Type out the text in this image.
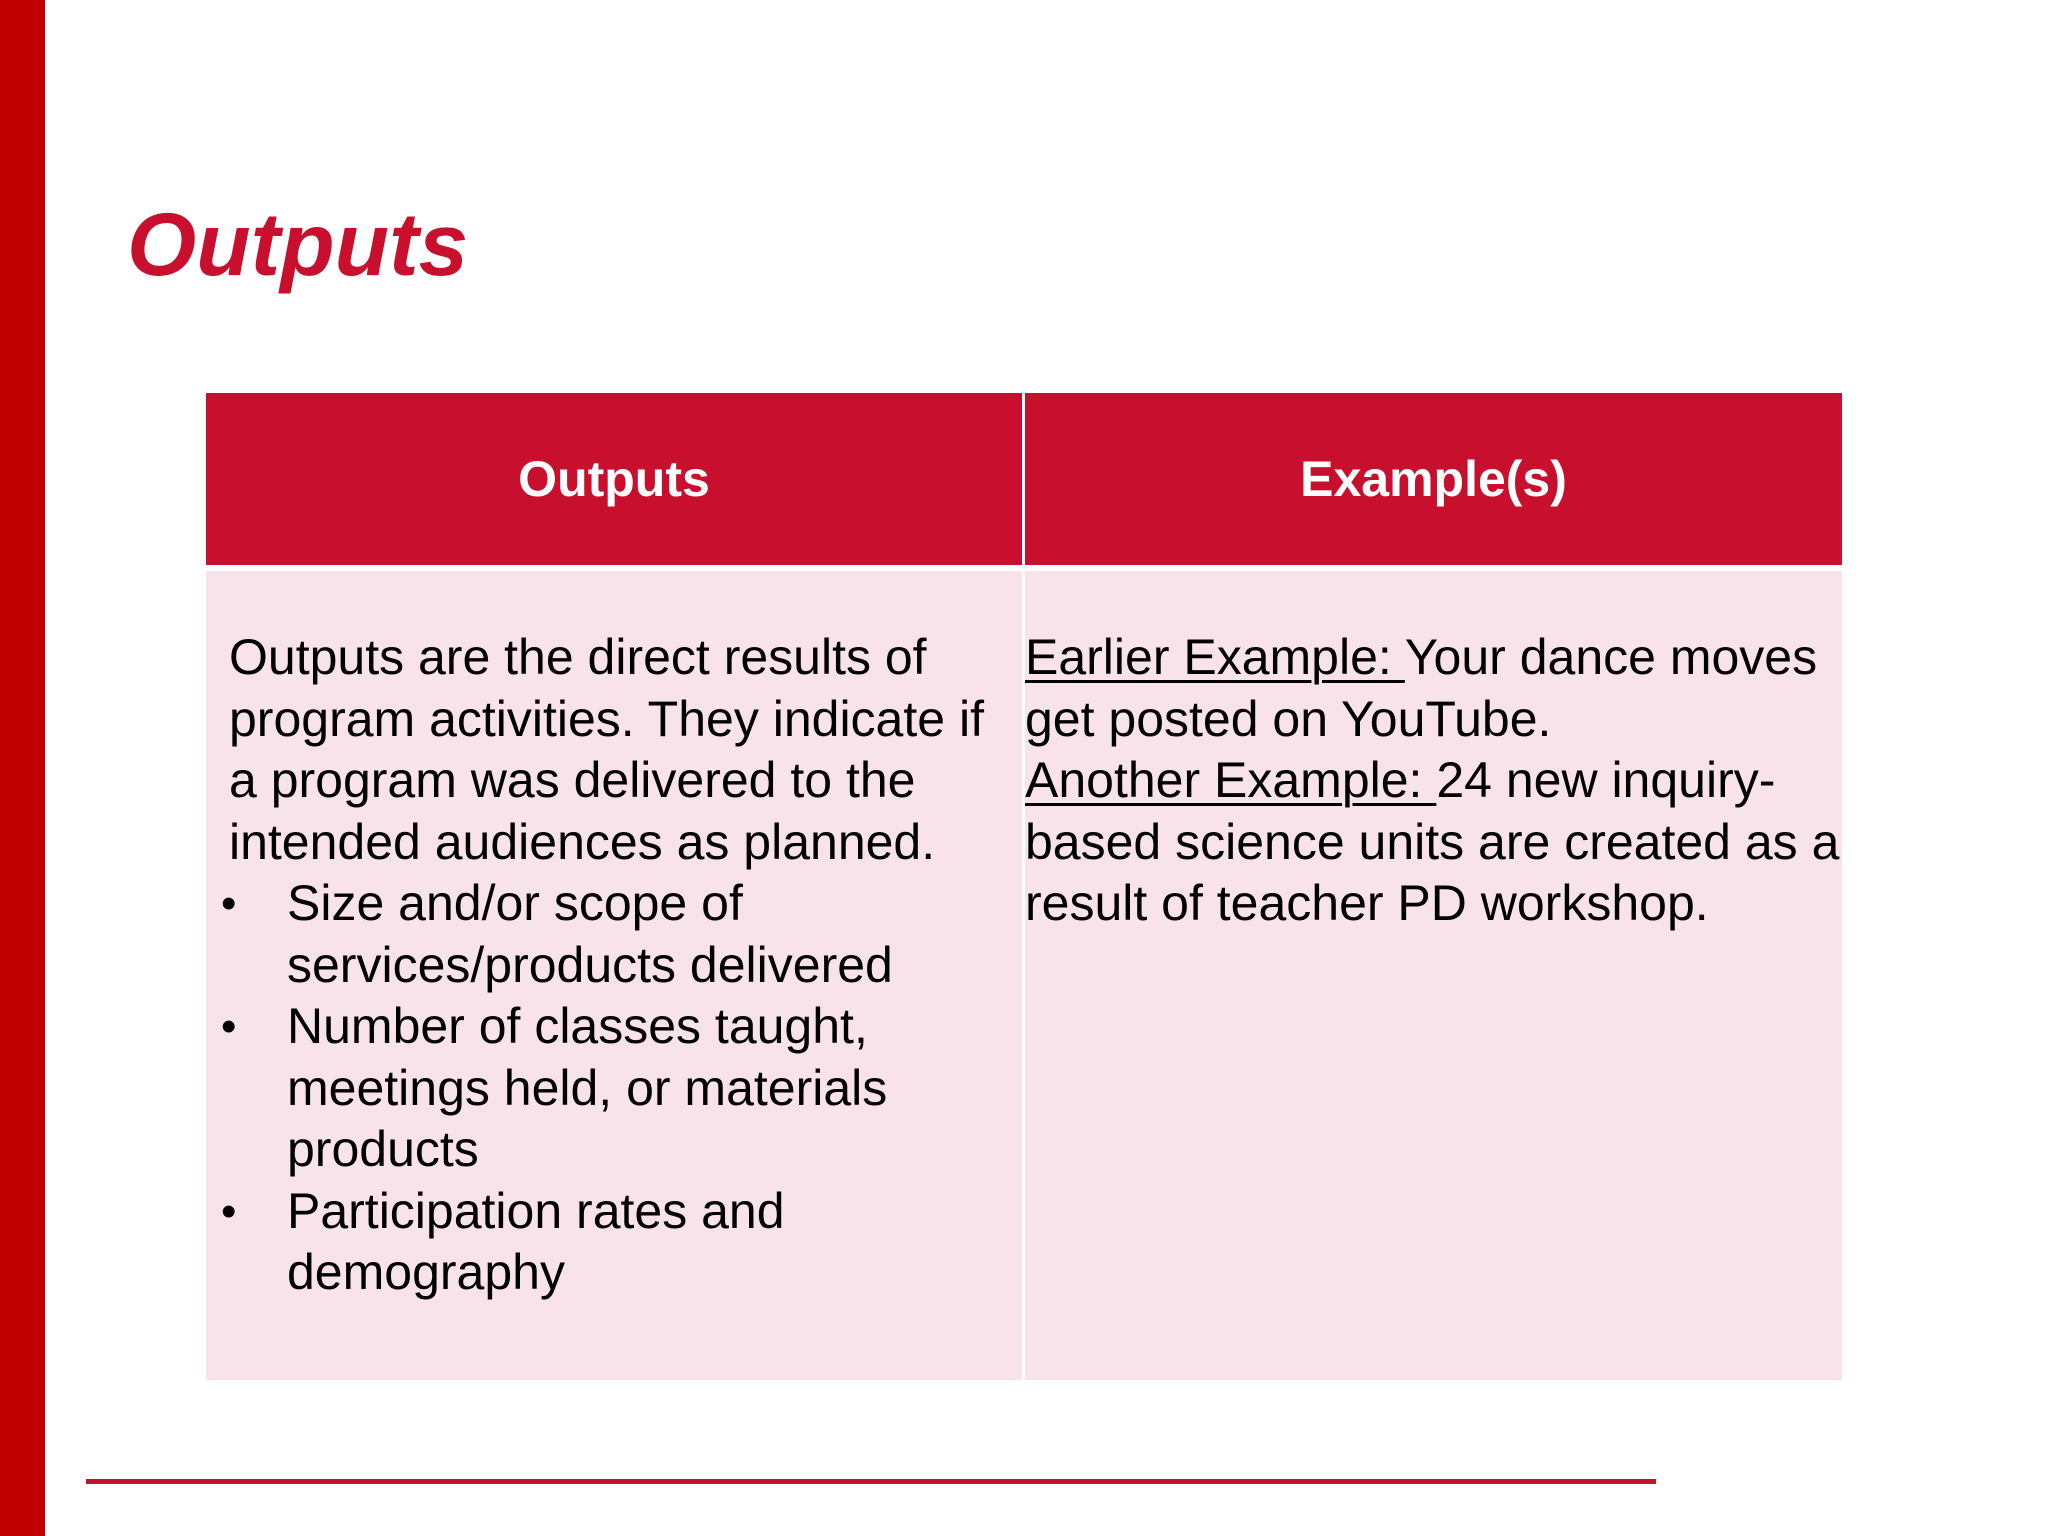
Outputs
Outputs	Example(s)

Outputs are the direct results of program activities. They indicate if a program was delivered to the intended audiences as planned.

• Size and/or scope of services/products delivered
• Number of classes taught, meetings held, or materials products
• Participation rates and demography

Earlier Example: Your dance moves get posted on YouTube.

Another Example: 24 new inquiry-based science units are created as a result of teacher PD workshop.
